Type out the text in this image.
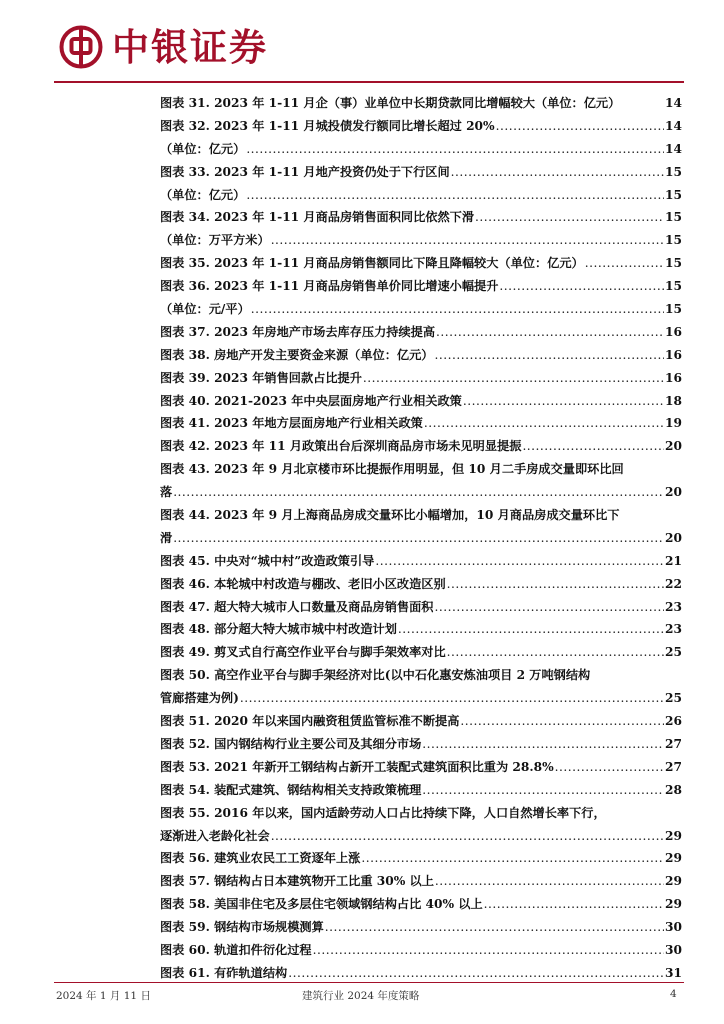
中银证券
图表 31. 2023 年 1-11 月企（事）业单位中长期贷款同比增幅较大（单位：亿元）	14
图表 32. 2023 年 1-11 月城投债发行额同比增长超过 20% .....	14
（单位：亿元） .....	14
图表 33. 2023 年 1-11 月地产投资仍处于下行区间 .....	15
（单位：亿元） .....	15
图表 34. 2023 年 1-11 月商品房销售面积同比依然下滑 .....	15
（单位：万平方米） .....	15
图表 35. 2023 年 1-11 月商品房销售额同比下降且降幅较大（单位：亿元） .....	15
图表 36. 2023 年 1-11 月商品房销售单价同比增速小幅提升 .....	15
（单位：元/平） .....	15
图表 37. 2023 年房地产市场去库存压力持续提高 .....	16
图表 38. 房地产开发主要资金来源（单位：亿元） .....	16
图表 39. 2023 年销售回款占比提升 .....	16
图表 40. 2021-2023 年中央层面房地产行业相关政策 .....	18
图表 41. 2023 年地方层面房地产行业相关政策 .....	19
图表 42. 2023 年 11 月政策出台后深圳商品房市场未见明显提振 .....	20
图表 43. 2023 年 9 月北京楼市环比提振作用明显，但 10 月二手房成交量即环比回
落 .....	20
图表 44. 2023 年 9 月上海商品房成交量环比小幅增加，10 月商品房成交量环比下
滑 .....	20
图表 45. 中央对“城中村”改造政策引导 .....	21
图表 46. 本轮城中村改造与棚改、老旧小区改造区别 .....	22
图表 47. 超大特大城市人口数量及商品房销售面积 .....	23
图表 48. 部分超大特大城市城中村改造计划 .....	23
图表 49. 剪叉式自行高空作业平台与脚手架效率对比 .....	25
图表 50. 高空作业平台与脚手架经济对比(以中石化惠安炼油项目 2 万吨钢结构
管廊搭建为例) .....	25
图表 51. 2020 年以来国内融资租赁监管标准不断提高 .....	26
图表 52. 国内钢结构行业主要公司及其细分市场 .....	27
图表 53. 2021 年新开工钢结构占新开工装配式建筑面积比重为 28.8% .....	27
图表 54. 装配式建筑、钢结构相关支持政策梳理 .....	28
图表 55. 2016 年以来，国内适龄劳动人口占比持续下降，人口自然增长率下行，
逐渐进入老龄化社会 .....	29
图表 56. 建筑业农民工工资逐年上涨 .....	29
图表 57. 钢结构占日本建筑物开工比重 30% 以上 .....	29
图表 58. 美国非住宅及多层住宅领域钢结构占比 40% 以上 .....	29
图表 59. 钢结构市场规模测算 .....	30
图表 60. 轨道扣件衍化过程 .....	30
图表 61. 有砟轨道结构 .....	31
2024 年 1 月 11 日	建筑行业 2024 年度策略	4
